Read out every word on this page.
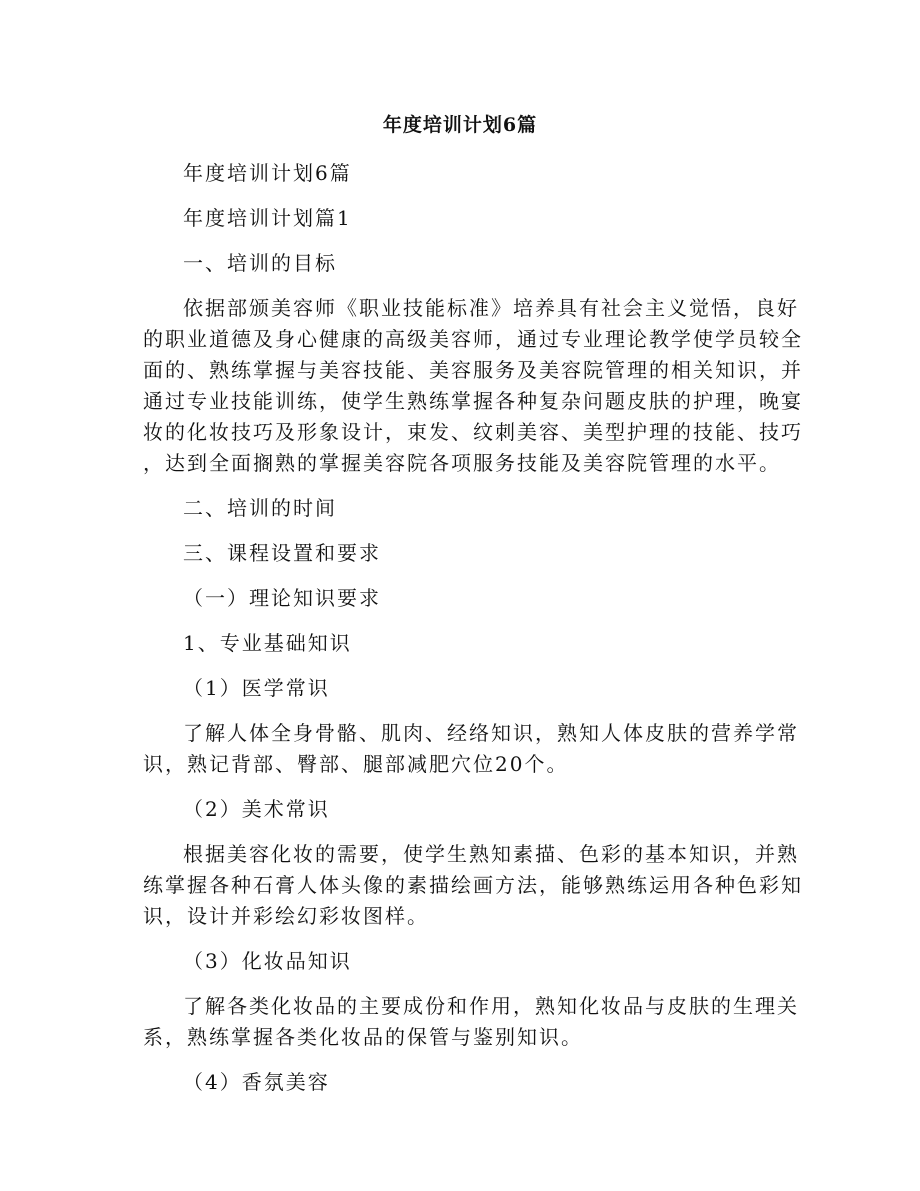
年度培训计划6篇
年度培训计划6篇
年度培训计划篇1
一、培训的目标
依据部颁美容师《职业技能标准》培养具有社会主义觉悟，良好
的职业道德及身心健康的高级美容师，通过专业理论教学使学员较全
面的、熟练掌握与美容技能、美容服务及美容院管理的相关知识，并
通过专业技能训练，使学生熟练掌握各种复杂问题皮肤的护理，晚宴
妆的化妆技巧及形象设计，束发、纹刺美容、美型护理的技能、技巧
，达到全面搁熟的掌握美容院各项服务技能及美容院管理的水平。
二、培训的时间
三、课程设置和要求
（一）理论知识要求
1、专业基础知识
（1）医学常识
了解人体全身骨骼、肌肉、经络知识，熟知人体皮肤的营养学常
识，熟记背部、臀部、腿部减肥穴位20个。
（2）美术常识
根据美容化妆的需要，使学生熟知素描、色彩的基本知识，并熟
练掌握各种石膏人体头像的素描绘画方法，能够熟练运用各种色彩知
识，设计并彩绘幻彩妆图样。
（3）化妆品知识
了解各类化妆品的主要成份和作用，熟知化妆品与皮肤的生理关
系，熟练掌握各类化妆品的保管与鉴别知识。
（4）香氛美容
